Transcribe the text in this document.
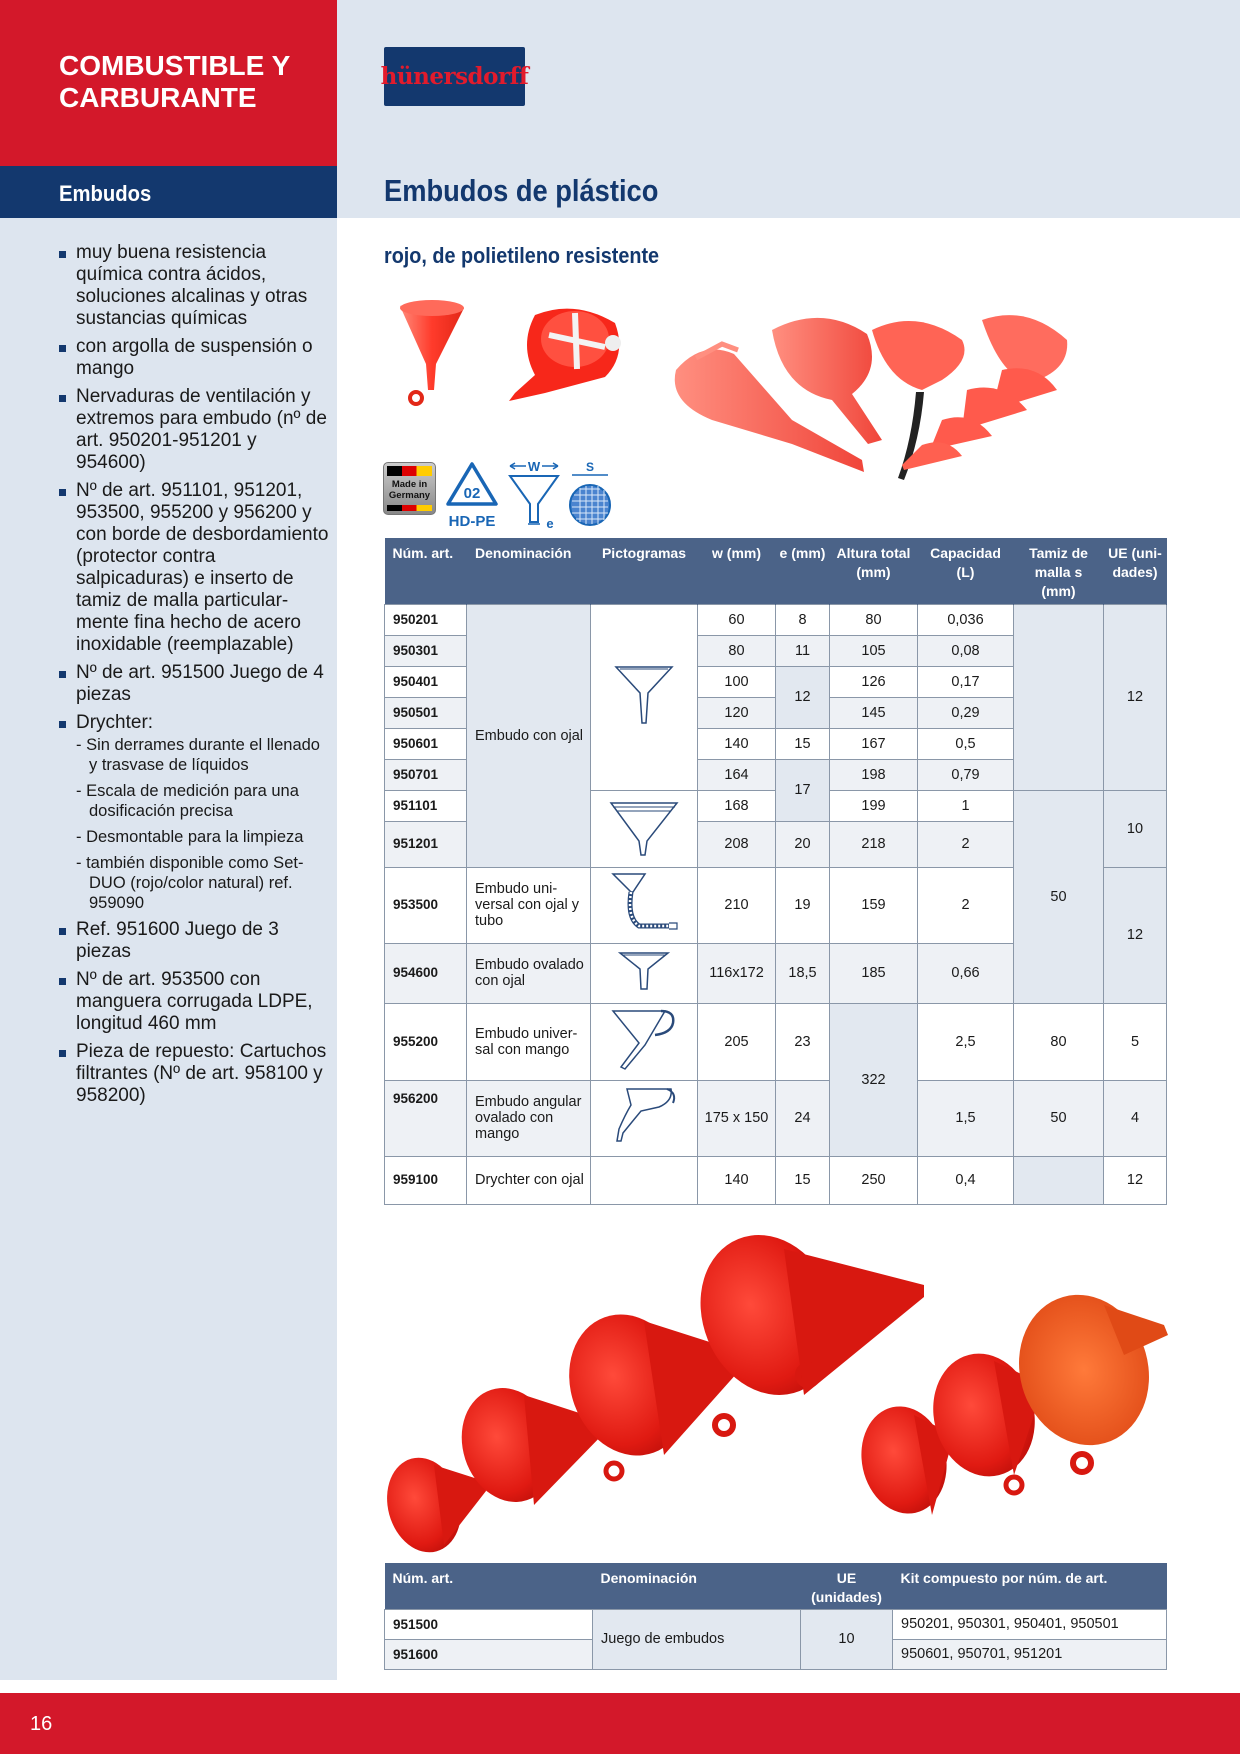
COMBUSTIBLE Y CARBURANTE
Embudos
muy buena resistencia química contra ácidos, soluciones alcalinas y otras sustancias químicas
con argolla de suspensión o mango
Nervaduras de ventilación y extremos para embudo (nº de art. 950201-951201 y 954600)
Nº de art. 951101, 951201, 953500, 955200 y 956200 y con borde de desbordamiento (protector contra salpicaduras) e inserto de tamiz de malla particularmente fina hecho de acero inoxidable (reemplazable)
Nº de art. 951500 Juego de 4 piezas
Drychter:
- Sin derrames durante el llenado y trasvase de líquidos
- Escala de medición para una dosificación precisa
- Desmontable para la limpieza
- también disponible como Set-DUO (rojo/color natural) ref. 959090
Ref. 951600 Juego de 3 piezas
Nº de art. 953500 con manguera corrugada LDPE, longitud 460 mm
Pieza de repuesto: Cartuchos filtrantes (Nº de art. 958100 y 958200)
hünersdorff
Embudos de plástico
rojo, de polietileno resistente
Made in Germany	02
HD-PE
W
e
S
Núm. art.	Denominación	Pictogramas	w (mm)	e (mm)	Altura total (mm)	Capacidad (L)	Tamiz de malla s (mm)	UE (unidades)
950201	Embudo con ojal		60	8	80	0,036		12
950301			80	11	105	0,08		
950401			100	12	126	0,17		
950501			120		145	0,29		
950601			140	15	167	0,5		
950701			164	17	198	0,79		
951101			168		199	1	50	10
951201			208	20	218	2		
953500	Embudo universal con ojal y tubo		210	19	159	2		12
954600	Embudo ovalado con ojal		116x172	18,5	185	0,66		
955200	Embudo universal con mango		205	23	322	2,5	80	5
956200	Embudo angular ovalado con mango		175 x 150	24		1,5	50	4
959100	Drychter con ojal		140	15	250	0,4		12
Núm. art.	Denominación	UE (unidades)	Kit compuesto por núm. de art.
951500	Juego de embudos	10	950201, 950301, 950401, 950501
951600			950601, 950701, 951201
16
